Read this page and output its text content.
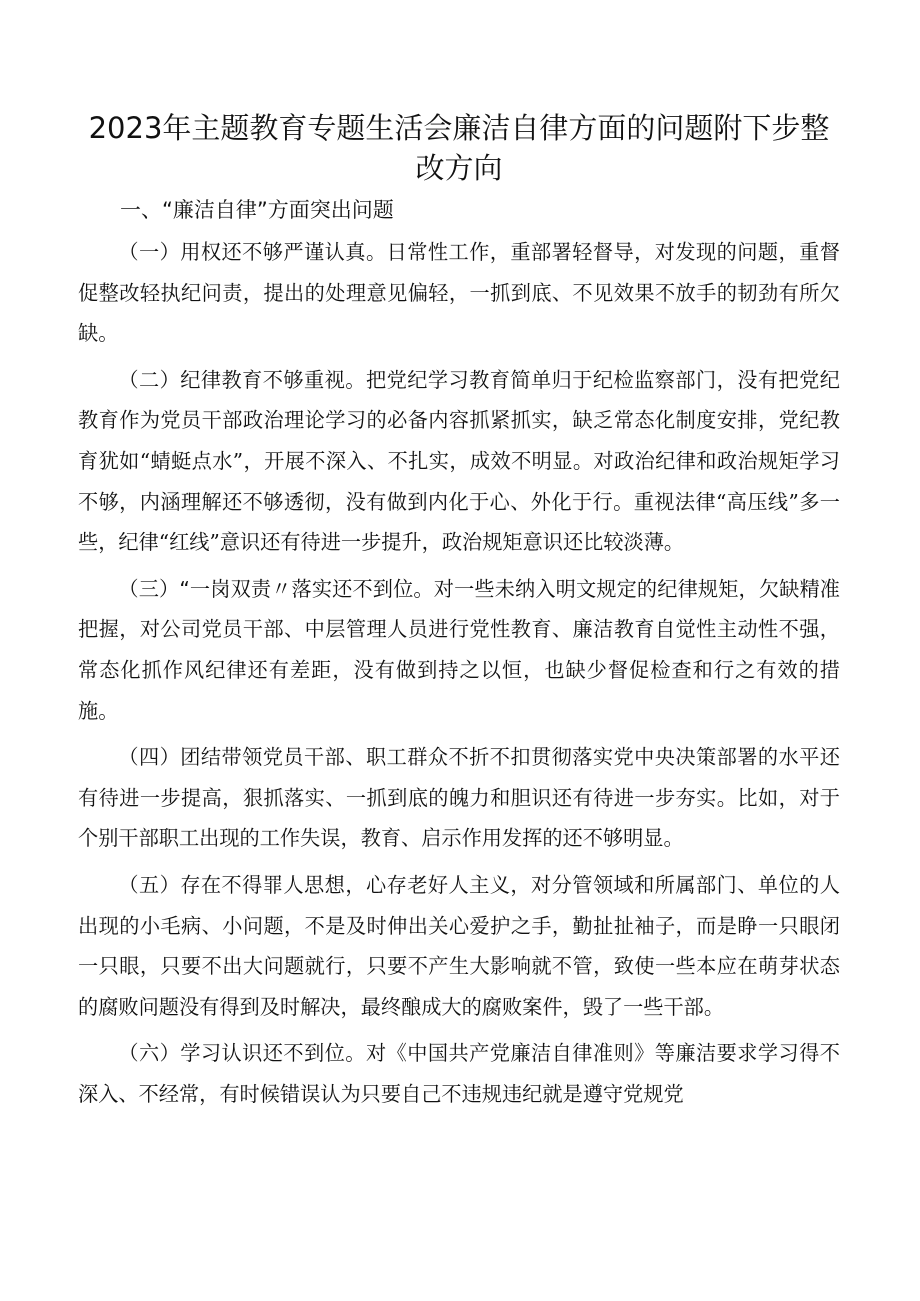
2023年主题教育专题生活会廉洁自律方面的问题附下步整改方向
一、“廉洁自律”方面突出问题

（一）用权还不够严谨认真。日常性工作，重部署轻督导，对发现的问题，重督促整改轻执纪问责，提出的处理意见偏轻，一抓到底、不见效果不放手的韧劲有所欠缺。

（二）纪律教育不够重视。把党纪学习教育简单归于纪检监察部门，没有把党纪教育作为党员干部政治理论学习的必备内容抓紧抓实，缺乏常态化制度安排，党纪教育犹如“蜻蜓点水”，开展不深入、不扎实，成效不明显。对政治纪律和政治规矩学习不够，内涵理解还不够透彻，没有做到内化于心、外化于行。重视法律“高压线”多一些，纪律“红线”意识还有待进一步提升，政治规矩意识还比较淡薄。

（三）“一岗双责〃落实还不到位。对一些未纳入明文规定的纪律规矩，欠缺精准把握，对公司党员干部、中层管理人员进行党性教育、廉洁教育自觉性主动性不强，常态化抓作风纪律还有差距，没有做到持之以恒，也缺少督促检查和行之有效的措施。

（四）团结带领党员干部、职工群众不折不扣贯彻落实党中央决策部署的水平还有待进一步提高，狠抓落实、一抓到底的魄力和胆识还有待进一步夯实。比如，对于个别干部职工出现的工作失误，教育、启示作用发挥的还不够明显。

（五）存在不得罪人思想，心存老好人主义，对分管领域和所属部门、单位的人出现的小毛病、小问题，不是及时伸出关心爱护之手，勤扯扯袖子，而是睁一只眼闭一只眼，只要不出大问题就行，只要不产生大影响就不管，致使一些本应在萌芽状态的腐败问题没有得到及时解决，最终酿成大的腐败案件，毁了一些干部。

（六）学习认识还不到位。对《中国共产党廉洁自律准则》等廉洁要求学习得不深入、不经常，有时候错误认为只要自己不违规违纪就是遵守党规党
